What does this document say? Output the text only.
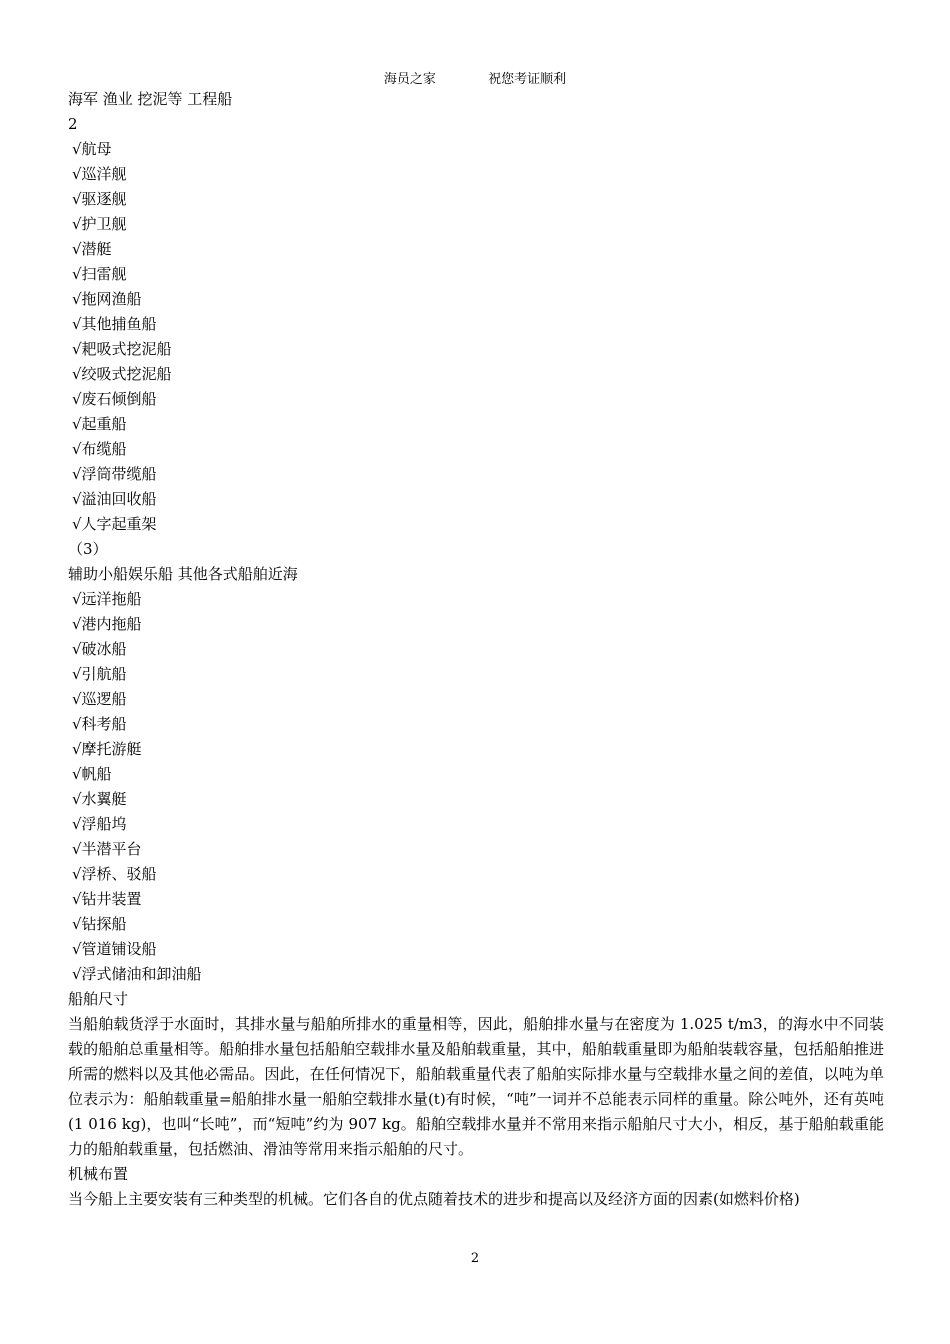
海员之家	祝您考证顺利
海军 渔业 挖泥等 工程船
2
√航母
√巡洋舰
√驱逐舰
√护卫舰
√潜艇
√扫雷舰
√拖网渔船
√其他捕鱼船
√耙吸式挖泥船
√绞吸式挖泥船
√废石倾倒船
√起重船
√布缆船
√浮筒带缆船
√溢油回收船
√人字起重架
（3）
辅助小船娱乐船 其他各式船舶近海
√远洋拖船
√港内拖船
√破冰船
√引航船
√巡逻船
√科考船
√摩托游艇
√帆船
√水翼艇
√浮船坞
√半潜平台
√浮桥、驳船
√钻井装置
√钻探船
√管道铺设船
√浮式储油和卸油船
船舶尺寸
当船舶载货浮于水面时，其排水量与船舶所排水的重量相等，因此，船舶排水量与在密度为 1.025 t/m3，的海水中不同装载的船舶总重量相等。船舶排水量包括船舶空载排水量及船舶载重量，其中，船舶载重量即为船舶装载容量，包括船舶推进所需的燃料以及其他必需品。因此，在任何情况下，船舶载重量代表了船舶实际排水量与空载排水量之间的差值，以吨为单位表示为：船舶载重量=船舶排水量一船舶空载排水量(t)有时候，“吨”一词并不总能表示同样的重量。除公吨外，还有英吨(1 016 kg)，也叫“长吨”，而“短吨”约为 907 kg。船舶空载排水量并不常用来指示船舶尺寸大小，相反，基于船舶载重能力的船舶载重量，包括燃油、滑油等常用来指示船舶的尺寸。
机械布置
当今船上主要安装有三种类型的机械。它们各自的优点随着技术的进步和提高以及经济方面的因素(如燃料价格)
2
